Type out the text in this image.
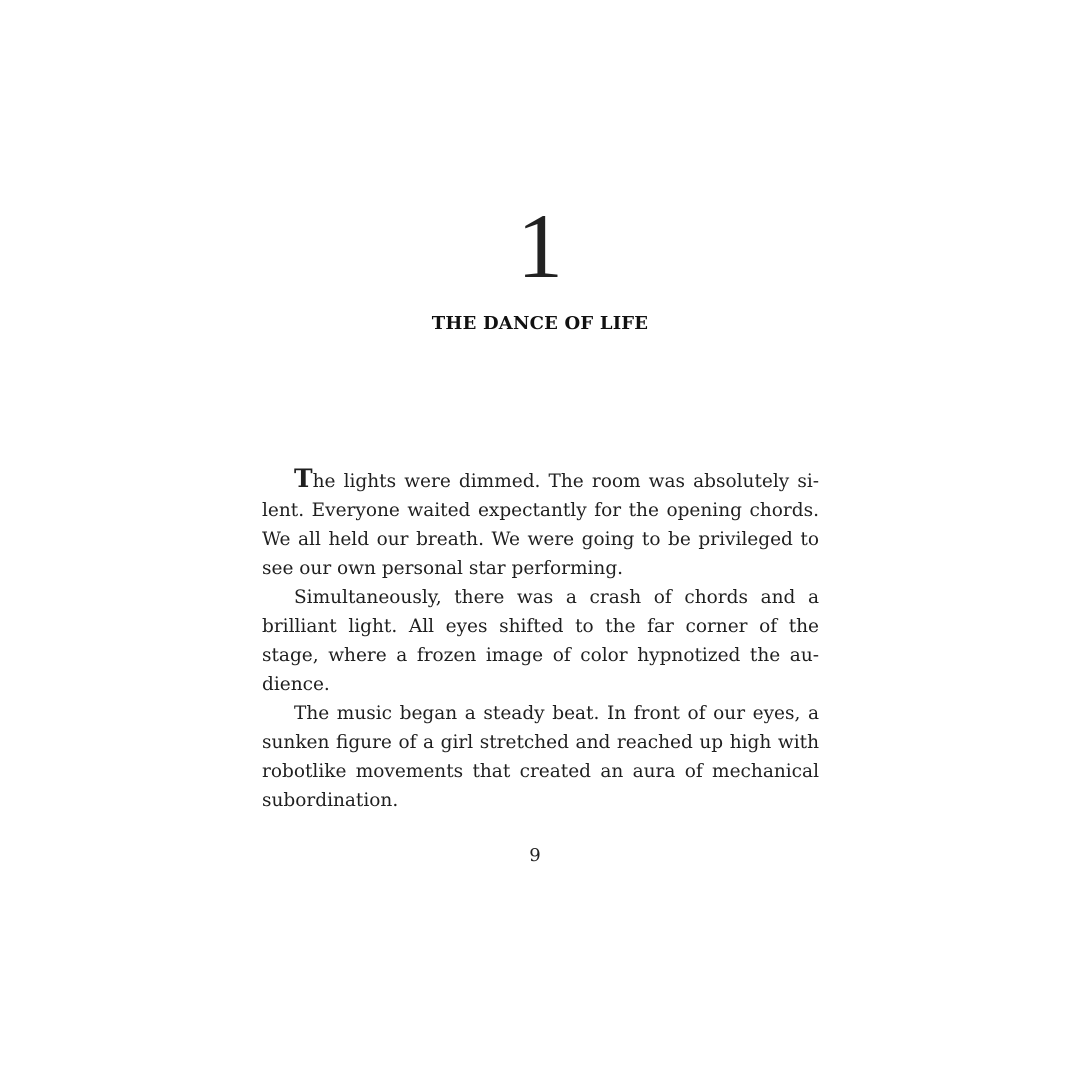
1
THE DANCE OF LIFE

The lights were dimmed. The room was absolutely si-
lent. Everyone waited expectantly for the opening chords.
We all held our breath. We were going to be privileged to
see our own personal star performing.

Simultaneously, there was a crash of chords and a
brilliant light. All eyes shifted to the far corner of the
stage, where a frozen image of color hypnotized the au-
dience.

The music began a steady beat. In front of our eyes, a
sunken figure of a girl stretched and reached up high with
robotlike movements that created an aura of mechanical
subordination.

9
